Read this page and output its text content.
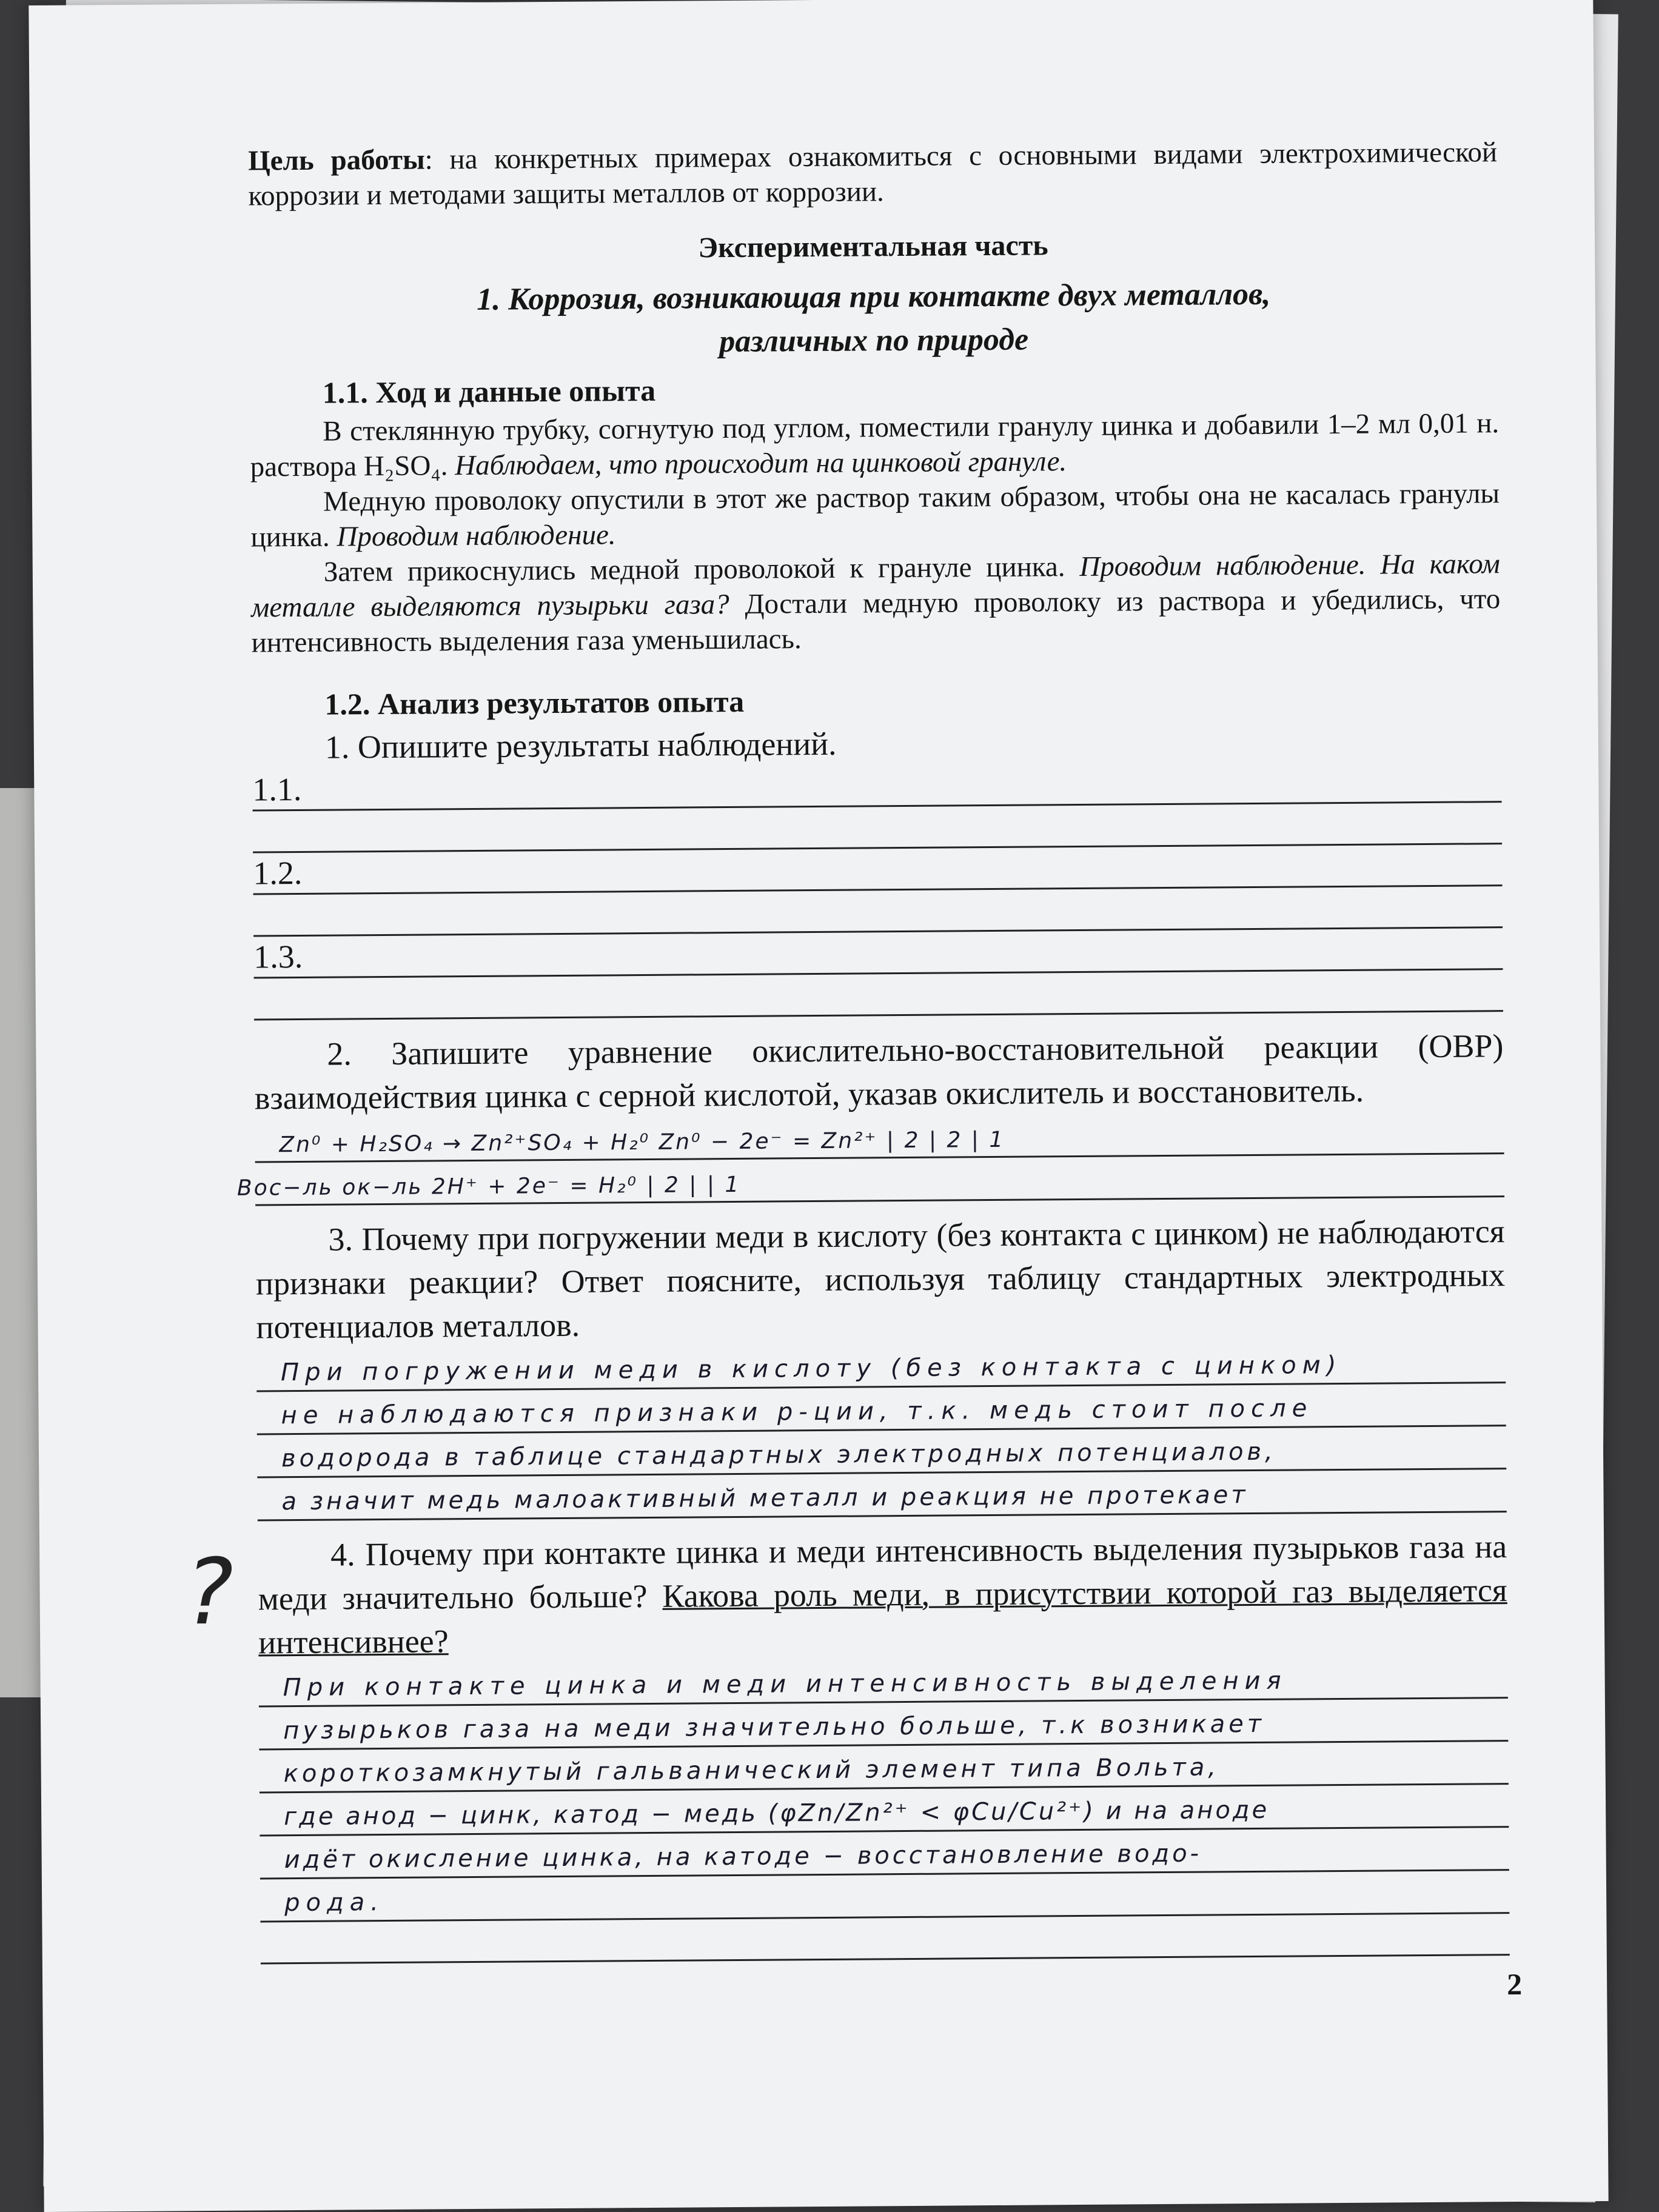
Цель работы: на конкретных примерах ознакомиться с основными видами электрохимической коррозии и методами защиты металлов от коррозии.

Экспериментальная часть
1. Коррозия, возникающая при контакте двух металлов,
различных по природе
1.1. Ход и данные опыта

В стеклянную трубку, согнутую под углом, поместили гранулу цинка и добавили 1–2 мл 0,01 н. раствора H₂SO₄. Наблюдаем, что происходит на цинковой грануле.

Медную проволоку опустили в этот же раствор таким образом, чтобы она не касалась гранулы цинка. Проводим наблюдение.

Затем прикоснулись медной проволокой к грануле цинка. Проводим наблюдение. На каком металле выделяются пузырьки газа? Достали медную проволоку из раствора и убедились, что интенсивность выделения газа уменьшилась.

1.2. Анализ результатов опыта

1. Опишите результаты наблюдений.

1.1.
1.2.
1.3.

2. Запишите уравнение окислительно-восстановительной реакции (ОВР) взаимодействия цинка с серной кислотой, указав окислитель и восстановитель.

Zn⁰ + H₂SO₄ → Zn²⁺SO₄ + H₂⁰ Zn⁰ − 2e⁻ = Zn²⁺ | 2 | 2 | 1
Вос−ль ок−ль 2H⁺ + 2e⁻ = H₂⁰ | 2 | | 1

3. Почему при погружении меди в кислоту (без контакта с цинком) не наблюдаются признаки реакции? Ответ поясните, используя таблицу стандартных электродных потенциалов металлов.

При погружении меди в кислоту (без контакта с цинком)
не наблюдаются признаки р-ции, т.к. медь стоит после
водорода в таблице стандартных электродных потенциалов,
а значит медь малоактивный металл и реакция не протекает
?	4. Почему при контакте цинка и меди интенсивность выделения пузырьков газа на меди значительно больше? Какова роль меди, в присутствии которой газ выделяется интенсивнее?

При контакте цинка и меди интенсивность выделения
пузырьков газа на меди значительно больше, т.к возникает
короткозамкнутый гальванический элемент типа Вольта,
где анод − цинк, катод − медь (φZn/Zn²⁺ < φCu/Cu²⁺) и на аноде
идёт окисление цинка, на катоде − восстановление водо-
рода.
2
